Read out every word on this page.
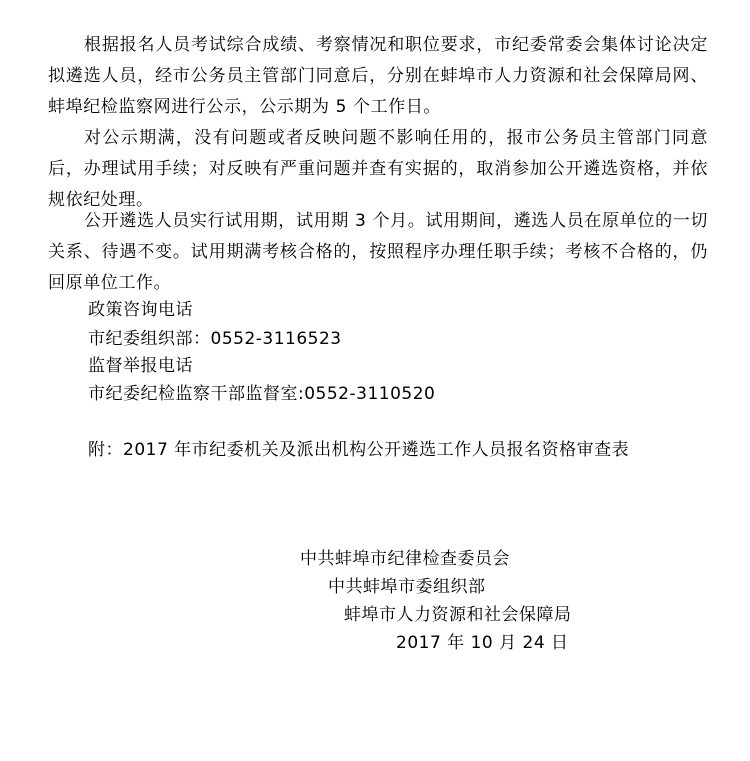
根据报名人员考试综合成绩、考察情况和职位要求，市纪委常委会集体讨论决定拟遴选人员，经市公务员主管部门同意后，分别在蚌埠市人力资源和社会保障局网、蚌埠纪检监察网进行公示，公示期为 5 个工作日。

对公示期满，没有问题或者反映问题不影响任用的，报市公务员主管部门同意后，办理试用手续；对反映有严重问题并查有实据的，取消参加公开遴选资格，并依规依纪处理。

公开遴选人员实行试用期，试用期 3 个月。试用期间，遴选人员在原单位的一切关系、待遇不变。试用期满考核合格的，按照程序办理任职手续；考核不合格的，仍回原单位工作。

政策咨询电话
市纪委组织部：0552-3116523
监督举报电话
市纪委纪检监察干部监督室:0552-3110520
附：2017 年市纪委机关及派出机构公开遴选工作人员报名资格审查表
中共蚌埠市纪律检查委员会
中共蚌埠市委组织部
蚌埠市人力资源和社会保障局
2017 年 10 月 24 日
